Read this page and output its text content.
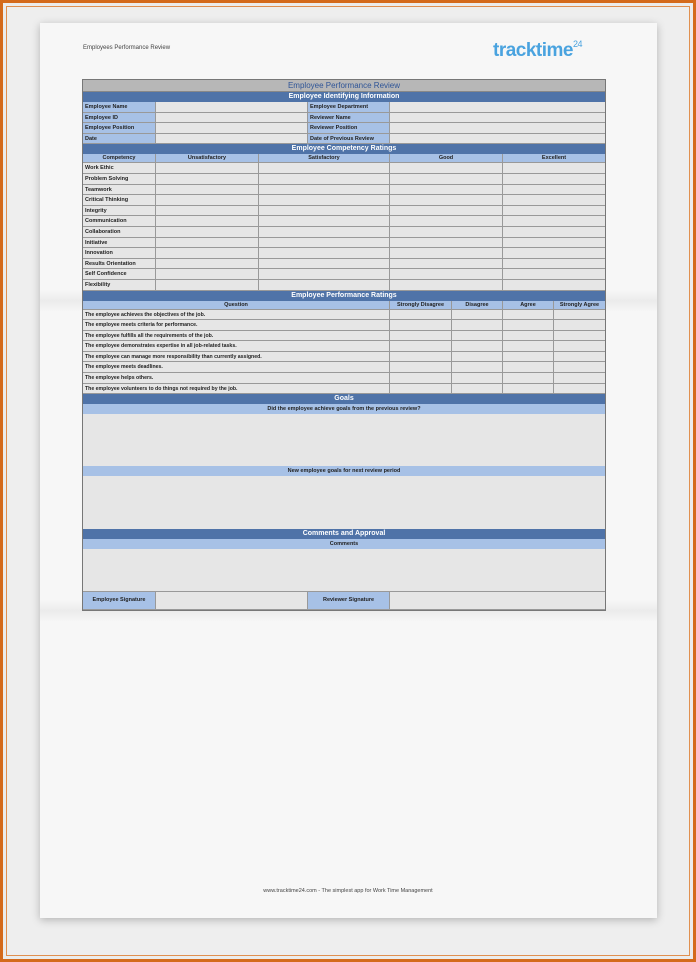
Employees Performance Review	tracktime$^{24}$
Employee Performance Review
Employee Identifying Information
Employee Name	Employee Department
Employee ID	Reviewer Name
Employee Position	Reviewer Position
Date	Date of Previous Review
Employee Competency Ratings
Competency	Unsatisfactory	Satisfactory	Good	Excellent
Work Ethic
Problem Solving
Teamwork
Critical Thinking
Integrity
Communication
Collaboration
Initiative
Innovation
Results Orientation
Self Confidence
Flexibility
Employee Performance Ratings
Question	Strongly Disagree	Disagree	Agree	Strongly Agree
The employee achieves the objectives of the job.
The employee meets criteria for performance.
The employee fulfills all the requirements of the job.
The employee demonstrates expertise in all job-related tasks.
The employee can manage more responsibility than currently assigned.
The employee meets deadlines.
The employee helps others.
The employee volunteers to do things not required by the job.
Goals
Did the employee achieve goals from the previous review?
New employee goals for next review period
Comments and Approval
Comments
Employee Signature	Reviewer Signature
www.tracktime24.com - The simplest app for Work Time Management
